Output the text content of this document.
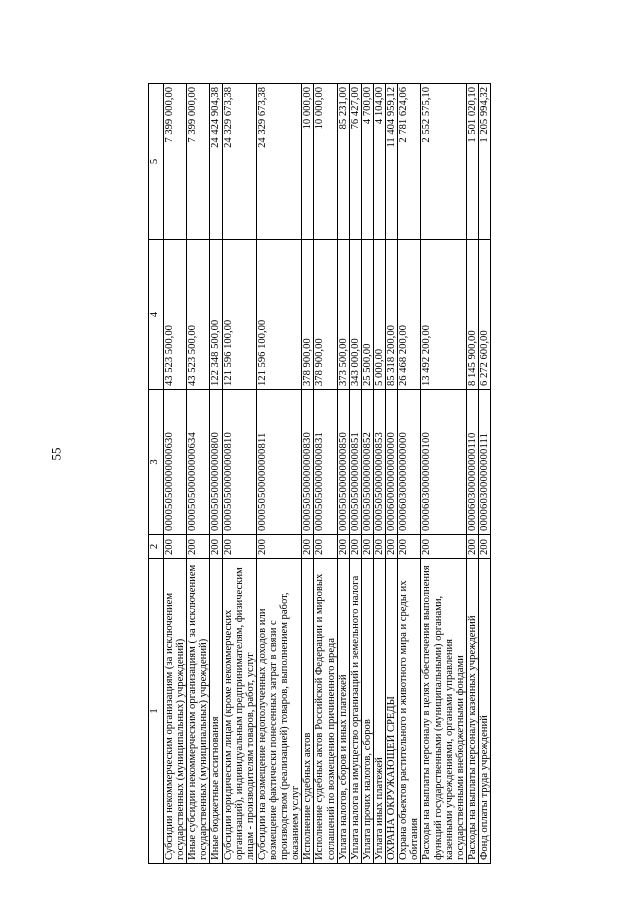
55
1	2	3	4	5
Субсидии некоммерческим организациям (за исключением государственных (муниципальных) учреждений)	200	000050500000000630	43 523 500,00	7 399 000,00
Иные субсидии некоммерческим организациям ( за исключением государственных (муниципальных) учреждений)	200	000050500000000634	43 523 500,00	7 399 000,00
Иные бюджетные ассигнования	200	000050500000000800	122 348 500,00	24 424 904,38
Субсидии юридическим лицам (кроме некоммерческих организаций), индивидуальным предпринимателям, физическим лицам - производителям товаров, работ, услуг	200	000050500000000810	121 596 100,00	24 329 673,38
Субсидии на возмещение недополученных доходов или возмещение фактически понесенных затрат в связи с производством (реализацией) товаров, выполнением работ, оказанием услуг	200	000050500000000811	121 596 100,00	24 329 673,38
Исполнение судебных актов	200	000050500000000830	378 900,00	10 000,00
Исполнение судебных актов Российской Федерации и мировых соглашений по возмещению причиненного вреда	200	000050500000000831	378 900,00	10 000,00
Уплата налогов, сборов и иных платежей	200	000050500000000850	373 500,00	85 231,00
Уплата налога на имущество организаций и земельного налога	200	000050500000000851	343 000,00	76 427,00
Уплата прочих налогов, сборов	200	000050500000000852	25 500,00	4 700,00
Уплата иных платежей	200	000050500000000853	5 000,00	4 104,00
ОХРАНА ОКРУЖАЮЩЕЙ СРЕДЫ	200	000060000000000000	85 318 200,00	11 404 959,12
Охрана объектов растительного и животного мира и среды их обитания	200	000060300000000000	26 468 200,00	2 781 624,06
Расходы на выплаты персоналу в целях обеспечения выполнения функций государственными (муниципальными) органами, казенными учреждениями, органами управления государственными внебюджетными фондами	200	000060300000000100	13 492 200,00	2 552 575,10
Расходы на выплаты персоналу казенных учреждений	200	000060300000000110	8 145 900,00	1 501 020,10
Фонд оплаты труда учреждений	200	000060300000000111	6 272 600,00	1 205 994,32
